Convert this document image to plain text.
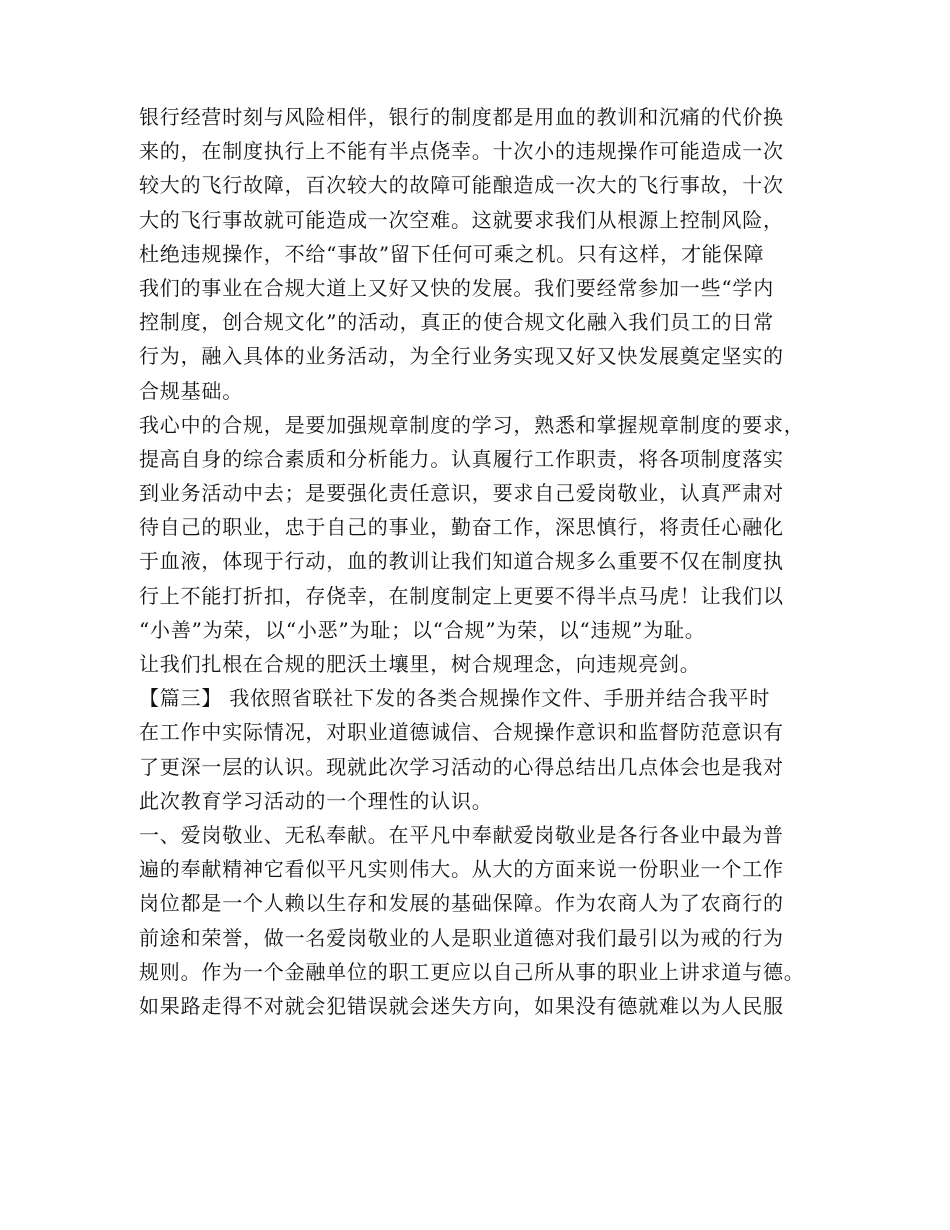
银行经营时刻与风险相伴，银行的制度都是用血的教训和沉痛的代价换
来的，在制度执行上不能有半点侥幸。十次小的违规操作可能造成一次
较大的飞行故障，百次较大的故障可能酿造成一次大的飞行事故，十次
大的飞行事故就可能造成一次空难。这就要求我们从根源上控制风险，
杜绝违规操作，不给“事故”留下任何可乘之机。只有这样，才能保障
我们的事业在合规大道上又好又快的发展。我们要经常参加一些“学内
控制度，创合规文化”的活动，真正的使合规文化融入我们员工的日常
行为，融入具体的业务活动，为全行业务实现又好又快发展奠定坚实的
合规基础。
我心中的合规，是要加强规章制度的学习，熟悉和掌握规章制度的要求，
提高自身的综合素质和分析能力。认真履行工作职责，将各项制度落实
到业务活动中去；是要强化责任意识，要求自己爱岗敬业，认真严肃对
待自己的职业，忠于自己的事业，勤奋工作，深思慎行，将责任心融化
于血液，体现于行动，血的教训让我们知道合规多么重要不仅在制度执
行上不能打折扣，存侥幸，在制度制定上更要不得半点马虎！让我们以
“小善”为荣，以“小恶”为耻；以“合规”为荣，以“违规”为耻。
让我们扎根在合规的肥沃土壤里，树合规理念，向违规亮剑。
【篇三】 我依照省联社下发的各类合规操作文件、手册并结合我平时
在工作中实际情况，对职业道德诚信、合规操作意识和监督防范意识有
了更深一层的认识。现就此次学习活动的心得总结出几点体会也是我对
此次教育学习活动的一个理性的认识。
一、爱岗敬业、无私奉献。在平凡中奉献爱岗敬业是各行各业中最为普
遍的奉献精神它看似平凡实则伟大。从大的方面来说一份职业一个工作
岗位都是一个人赖以生存和发展的基础保障。作为农商人为了农商行的
前途和荣誉，做一名爱岗敬业的人是职业道德对我们最引以为戒的行为
规则。作为一个金融单位的职工更应以自己所从事的职业上讲求道与德。
如果路走得不对就会犯错误就会迷失方向，如果没有德就难以为人民服
